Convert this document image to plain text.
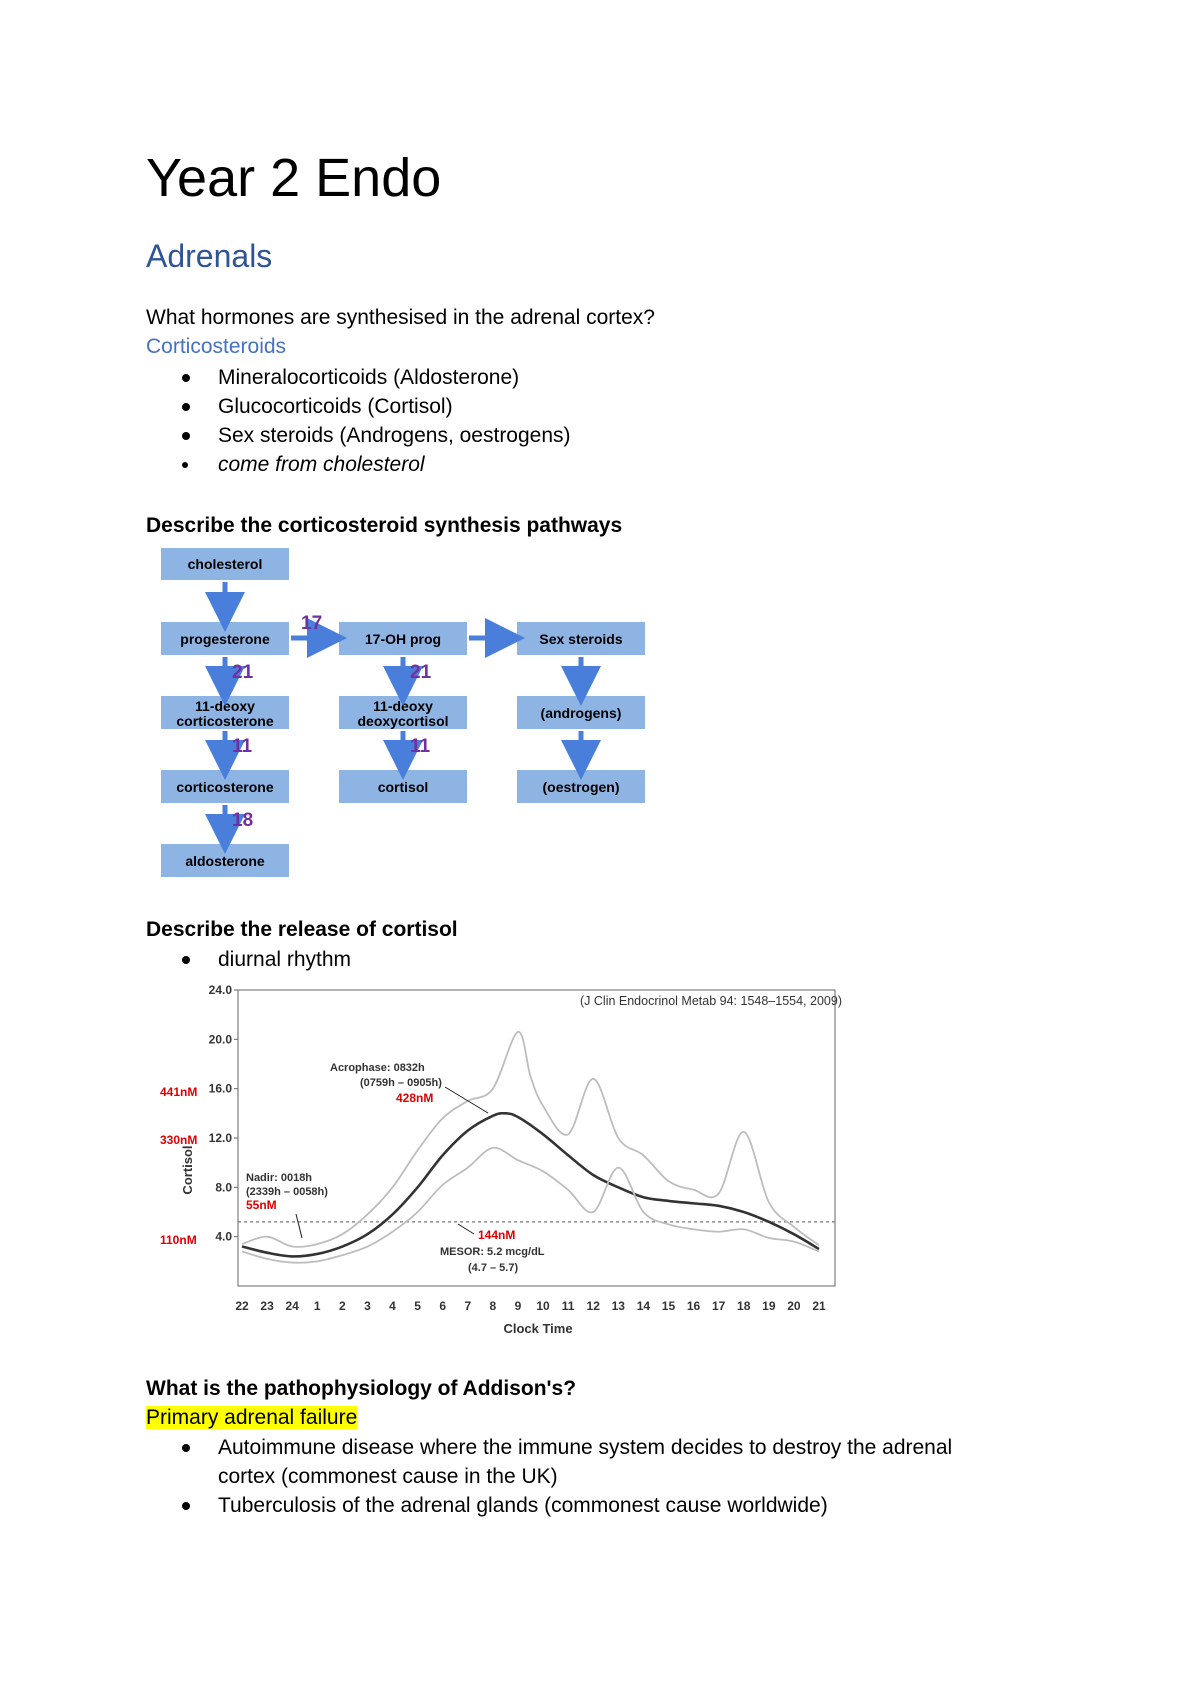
Year 2 Endo
Adrenals
What hormones are synthesised in the adrenal cortex?
Corticosteroids
Mineralocorticoids (Aldosterone)
Glucocorticoids (Cortisol)
Sex steroids (Androgens, oestrogens)
come from cholesterol
Describe the corticosteroid synthesis pathways
cholesterol
progesterone
11-deoxy
corticosterone
corticosterone
aldosterone
17-OH prog
11-deoxy
deoxycortisol
cortisol
Sex steroids
(androgens)
(oestrogen)
17
21
11
18
21
11
Describe the release of cortisol
diurnal rhythm
24.0
20.0
16.0
12.0
8.0
4.0
22 23 24 1 2 3 4 5 6 7 8 9 10 11 12 13 14 15 16 17 18 19 20 21
(J Clin Endocrinol Metab 94: 1548–1554, 2009)
Clock Time
Cortisol
441nM
330nM
110nM
Acrophase: 0832h
(0759h – 0905h)
428nM
Nadir: 0018h
(2339h – 0058h)
55nM
144nM
MESOR: 5.2 mcg/dL
(4.7 – 5.7)
What is the pathophysiology of Addison's?
Primary adrenal failure
Autoimmune disease where the immune system decides to destroy the adrenal
cortex (commonest cause in the UK)
Tuberculosis of the adrenal glands (commonest cause worldwide)
